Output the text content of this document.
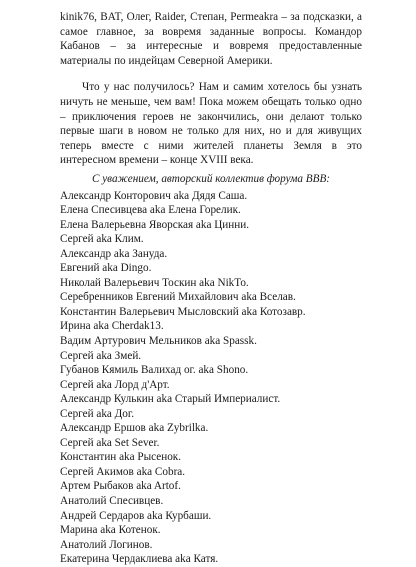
kinik76, BAT, Олег, Raider, Степан, Permeakra – за подсказки, а самое главное, за вовремя заданные вопросы. Командор Кабанов – за интересные и вовремя предоставленные материалы по индейцам Северной Америки.

Что у нас получилось? Нам и самим хотелось бы узнать ничуть не меньше, чем вам! Пока можем обещать только одно – приключения героев не закончились, они делают только первые шаги в новом не только для них, но и для живущих теперь вместе с ними жителей планеты Земля в это интересном времени – конце XVIII века.

С уважением, авторский коллектив форума ВВВ:

Александр Конторович aka Дядя Саша.
Елена Спесивцева aka Елена Горелик.
Елена Валерьевна Яворская aka Цинни.
Сергей aka Клим.
Александр aka Зануда.
Евгений aka Dingo.
Николай Валерьевич Тоскин aka NikTo.
Серебренников Евгений Михайлович aka Вселав.
Константин Валерьевич Мысловский aka Котозавр.
Ирина aka Cherdak13.
Вадим Артурович Мельников aka Spassk.
Сергей aka Змей.
Губанов Кямиль Валихад ог. aka Shono.
Сергей aka Лорд д'Арт.
Александр Кулькин aka Старый Империалист.
Сергей aka Дог.
Александр Ершов aka Zybrilka.
Сергей aka Set Sever.
Константин aka Рысенок.
Сергей Акимов aka Cobra.
Артем Рыбаков aka Artof.
Анатолий Спесивцев.
Андрей Сердаров aka Курбаши.
Марина aka Котенок.
Анатолий Логинов.
Екатерина Чердаклиева aka Катя.
